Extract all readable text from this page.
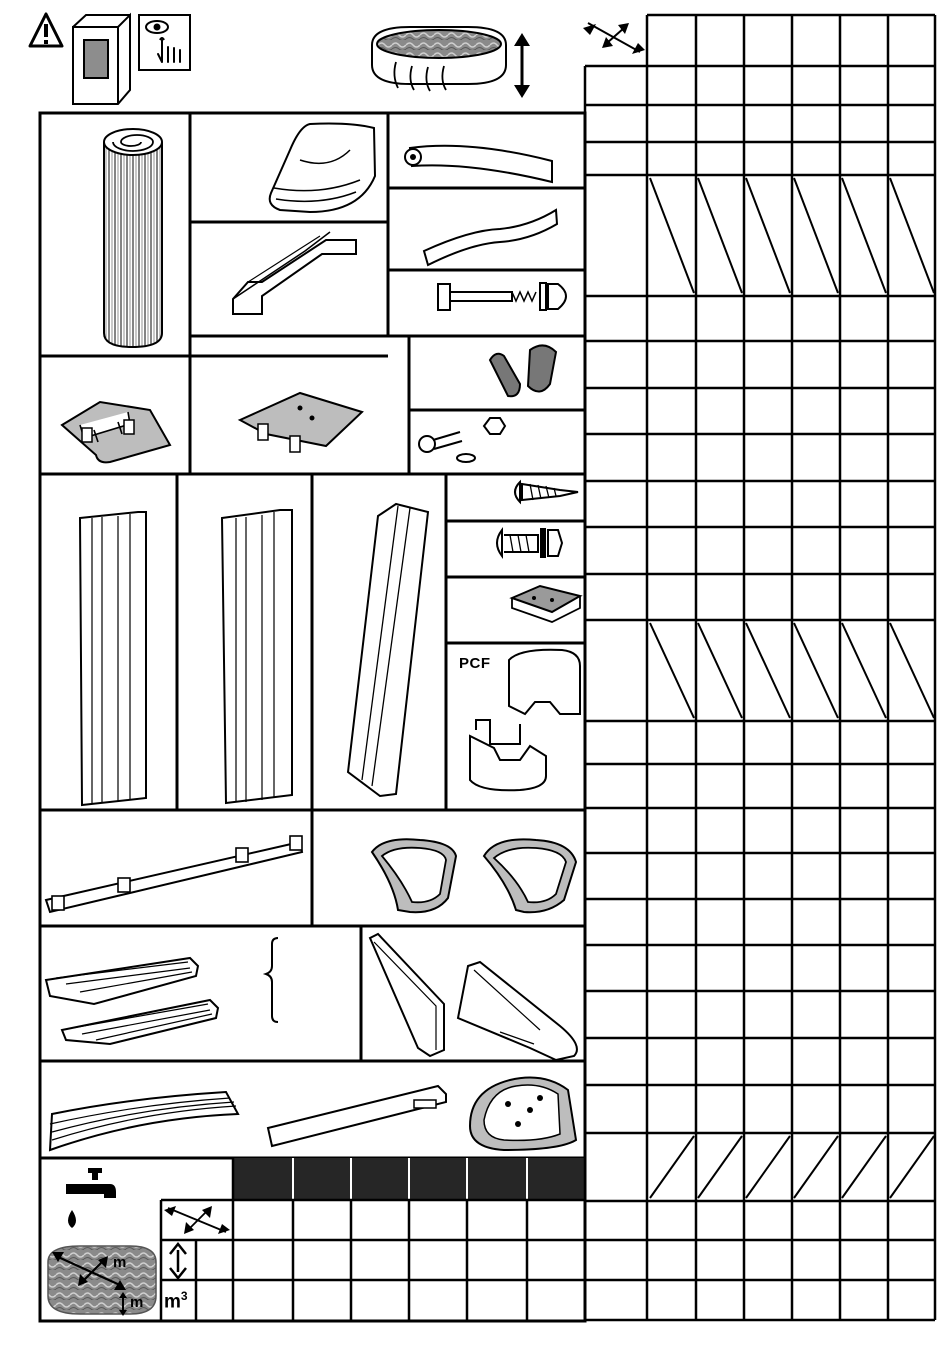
PCF
m
m $m^3$
